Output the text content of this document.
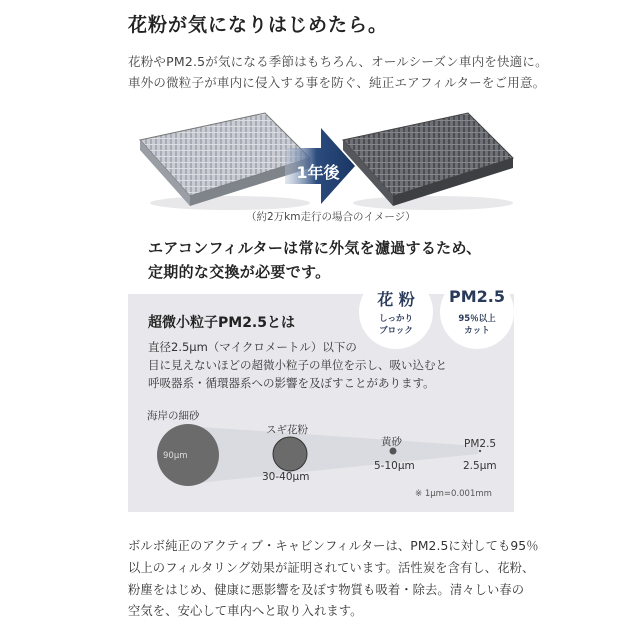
花粉が気になりはじめたら。
花粉やPM2.5が気になる季節はもちろん、オールシーズン車内を快適に。
車外の微粒子が車内に侵入する事を防ぐ、純正エアフィルターをご用意。
1年後
（約2万km走行の場合のイメージ）
エアコンフィルターは常に外気を濾過するため、
定期的な交換が必要です。
花 粉
しっかり
ブロック
PM2.5
95％以上
カット
超微小粒子PM2.5とは
直径2.5μm（マイクロメートル）以下の
目に見えないほどの超微小粒子の単位を示し、吸い込むと
呼吸器系・循環器系への影響を及ぼすことがあります。
海岸の細砂
90μm
スギ花粉
30-40μm
黄砂
5-10μm
PM2.5
2.5μm
※ 1μm=0.001mm
ボルボ純正のアクティブ・キャビンフィルターは、PM2.5に対しても95％
以上のフィルタリング効果が証明されています。活性炭を含有し、花粉、
粉塵をはじめ、健康に悪影響を及ぼす物質も吸着・除去。清々しい春の
空気を、安心して車内へと取り入れます。
